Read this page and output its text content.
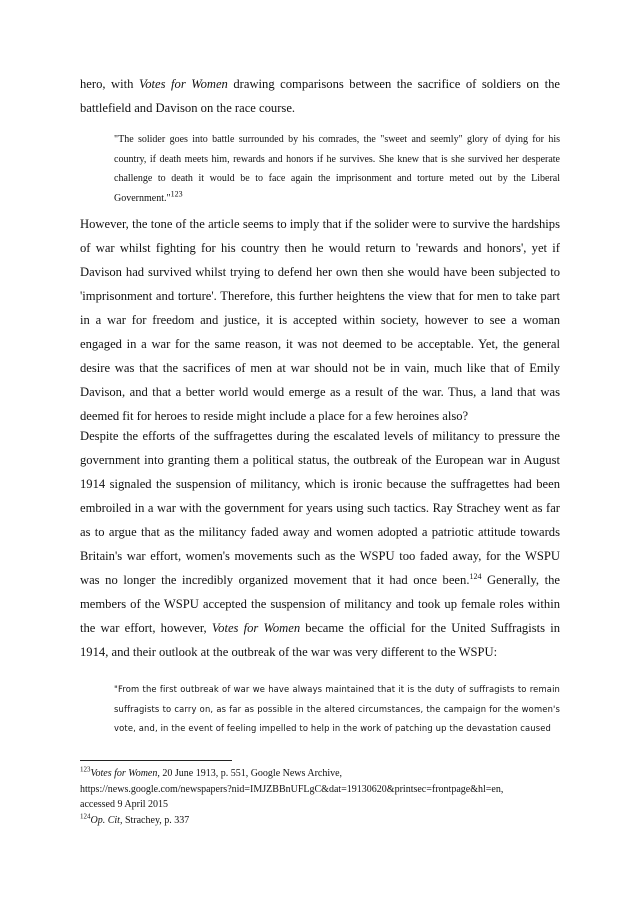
hero, with Votes for Women drawing comparisons between the sacrifice of soldiers on the battlefield and Davison on the race course.

"The solider goes into battle surrounded by his comrades, the "sweet and seemly" glory of dying for his country, if death meets him, rewards and honors if he survives. She knew that is she survived her desperate challenge to death it would be to face again the imprisonment and torture meted out by the Liberal Government."$^{123}$

However, the tone of the article seems to imply that if the solider were to survive the hardships of war whilst fighting for his country then he would return to 'rewards and honors', yet if Davison had survived whilst trying to defend her own then she would have been subjected to 'imprisonment and torture'. Therefore, this further heightens the view that for men to take part in a war for freedom and justice, it is accepted within society, however to see a woman engaged in a war for the same reason, it was not deemed to be acceptable. Yet, the general desire was that the sacrifices of men at war should not be in vain, much like that of Emily Davison, and that a better world would emerge as a result of the war. Thus, a land that was deemed fit for heroes to reside might include a place for a few heroines also?

Despite the efforts of the suffragettes during the escalated levels of militancy to pressure the government into granting them a political status, the outbreak of the European war in August 1914 signaled the suspension of militancy, which is ironic because the suffragettes had been embroiled in a war with the government for years using such tactics. Ray Strachey went as far as to argue that as the militancy faded away and women adopted a patriotic attitude towards Britain's war effort, women's movements such as the WSPU too faded away, for the WSPU was no longer the incredibly organized movement that it had once been.$^{124}$ Generally, the members of the WSPU accepted the suspension of militancy and took up female roles within the war effort, however, Votes for Women became the official for the United Suffragists in 1914, and their outlook at the outbreak of the war was very different to the WSPU:

"From the first outbreak of war we have always maintained that it is the duty of suffragists to remain suffragists to carry on, as far as possible in the altered circumstances, the campaign for the women's vote, and, in the event of feeling impelled to help in the work of patching up the devastation caused

$^{123}$Votes for Women, 20 June 1913, p. 551, Google News Archive,
https://news.google.com/newspapers?nid=IMJZBBnUFLgC&dat=19130620&printsec=frontpage&hl=en,
accessed 9 April 2015

$^{124}$Op. Cit, Strachey, p. 337
